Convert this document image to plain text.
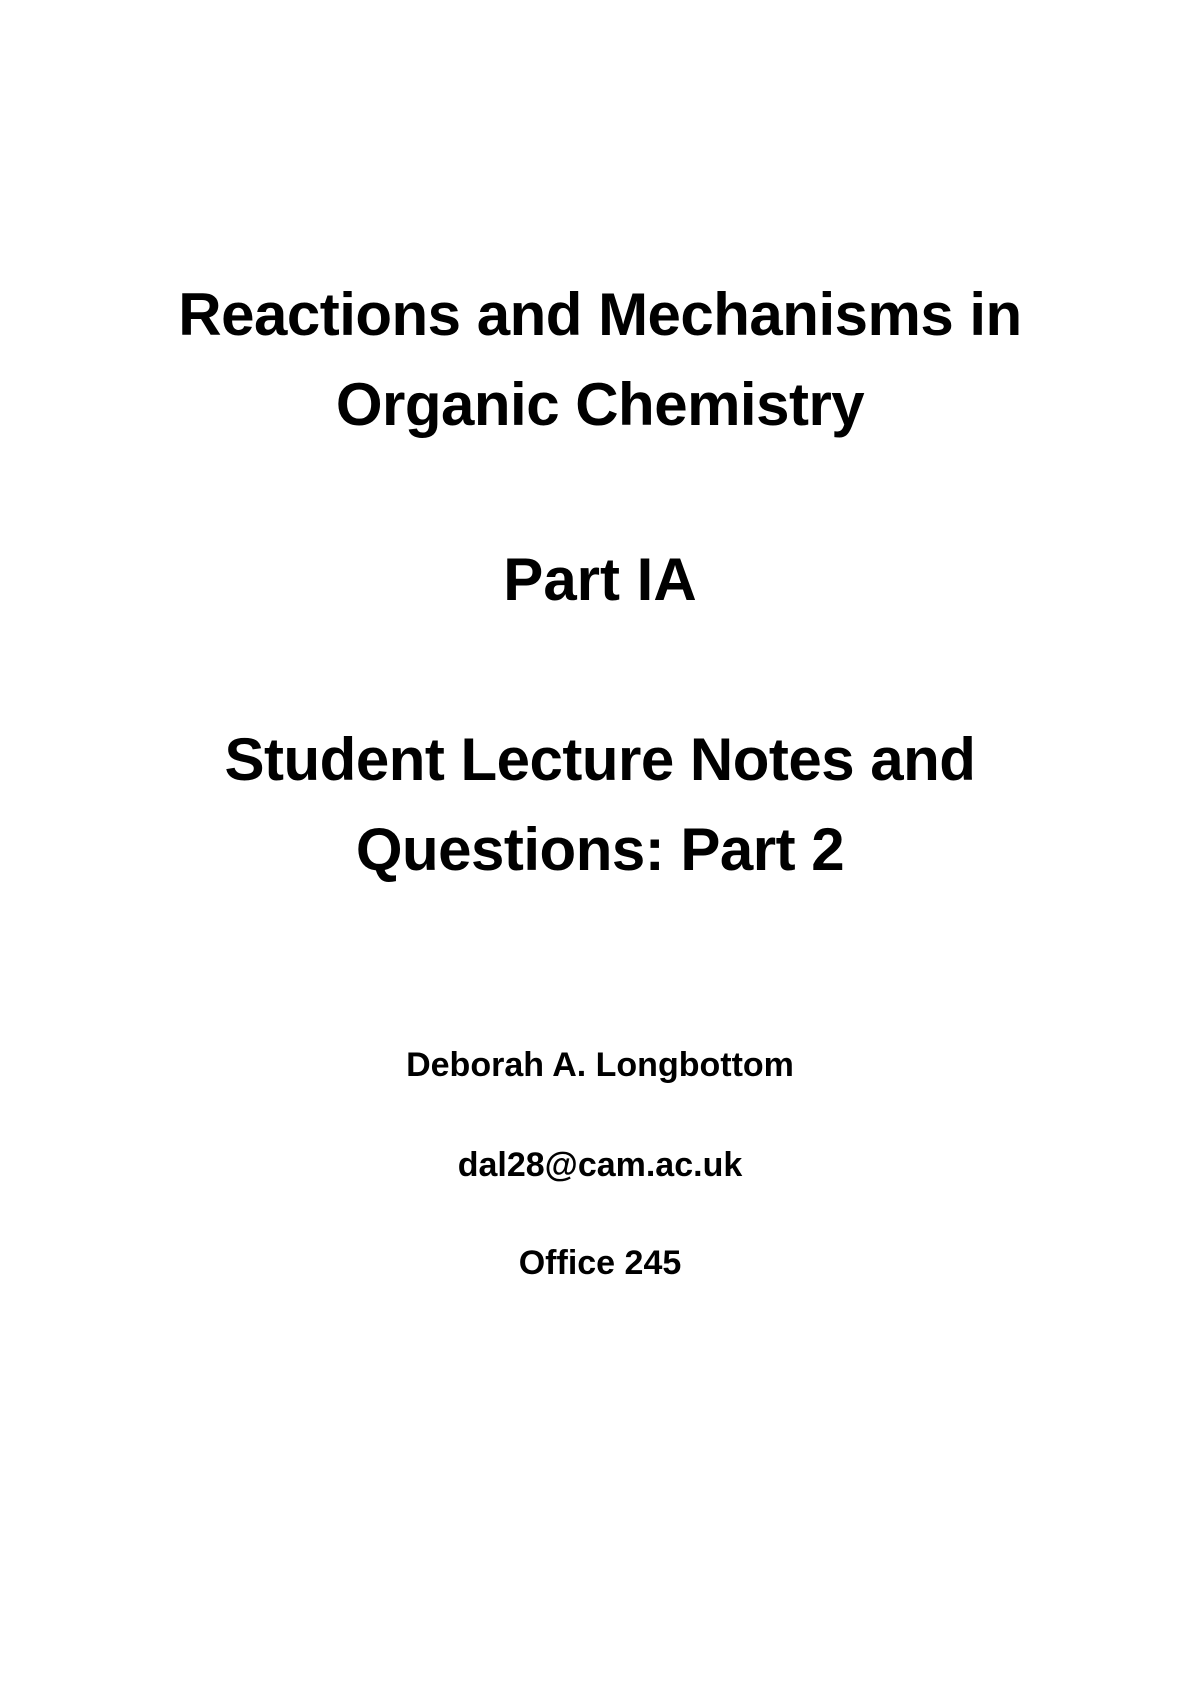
Reactions and Mechanisms in
Organic Chemistry
Part IA
Student Lecture Notes and
Questions: Part 2
Deborah A. Longbottom
dal28@cam.ac.uk
Office 245
